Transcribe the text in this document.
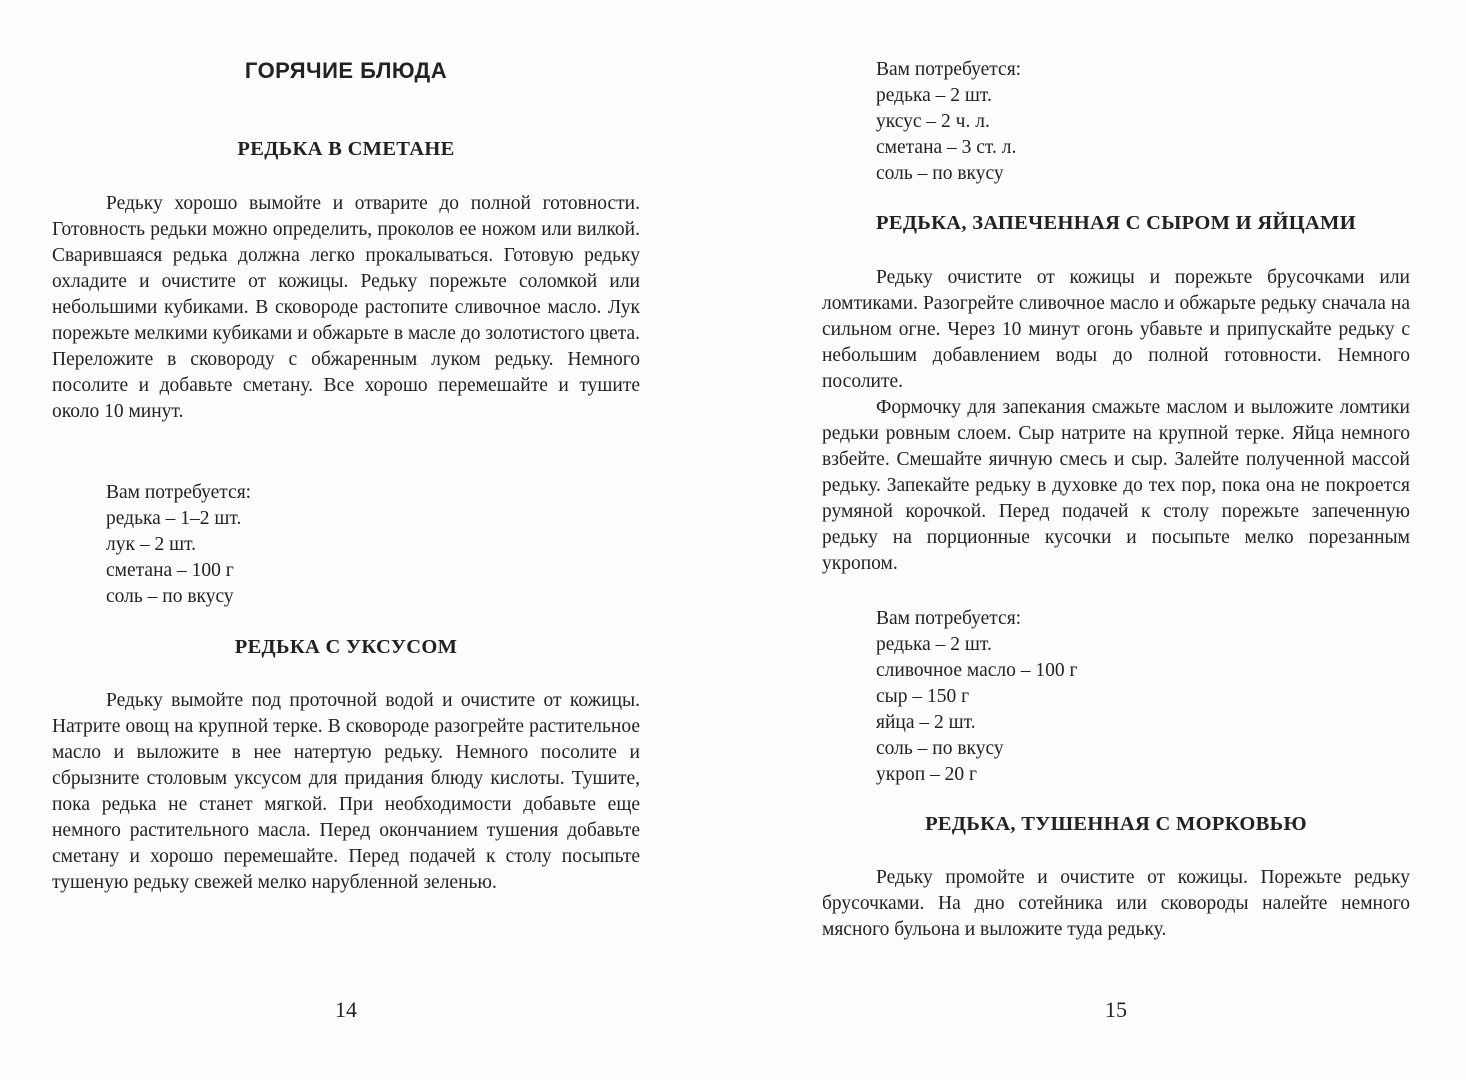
ГОРЯЧИЕ БЛЮДА
РЕДЬКА В СМЕТАНЕ

Редьку хорошо вымойте и отварите до полной готовности. Готовность редьки можно определить, проколов ее ножом или вилкой. Сварившаяся редька должна легко прокалываться. Готовую редьку охладите и очистите от кожицы. Редьку порежьте соломкой или небольшими кубиками. В сковороде растопите сливочное масло. Лук порежьте мелкими кубиками и обжарьте в масле до золотистого цвета. Переложите в сковороду с обжаренным луком редьку. Немного посолите и добавьте сметану. Все хорошо перемешайте и тушите около 10 минут.

Вам потребуется:
редька – 1–2 шт.
лук – 2 шт.
сметана – 100 г
соль – по вкусу
РЕДЬКА С УКСУСОМ

Редьку вымойте под проточной водой и очистите от кожицы. Натрите овощ на крупной терке. В сковороде разогрейте растительное масло и выложите в нее натертую редьку. Немного посолите и сбрызните столовым уксусом для придания блюду кислоты. Тушите, пока редька не станет мягкой. При необходимости добавьте еще немного растительного масла. Перед окончанием тушения добавьте сметану и хорошо перемешайте. Перед подачей к столу посыпьте тушеную редьку свежей мелко нарубленной зеленью.

14
Вам потребуется:
редька – 2 шт.
уксус – 2 ч. л.
сметана – 3 ст. л.
соль – по вкусу
РЕДЬКА, ЗАПЕЧЕННАЯ С СЫРОМ И ЯЙЦАМИ

Редьку очистите от кожицы и порежьте брусочками или ломтиками. Разогрейте сливочное масло и обжарьте редьку сначала на сильном огне. Через 10 минут огонь убавьте и припускайте редьку с небольшим добавлением воды до полной готовности. Немного посолите.

Формочку для запекания смажьте маслом и выложите ломтики редьки ровным слоем. Сыр натрите на крупной терке. Яйца немного взбейте. Смешайте яичную смесь и сыр. Залейте полученной массой редьку. Запекайте редьку в духовке до тех пор, пока она не покроется румяной корочкой. Перед подачей к столу порежьте запеченную редьку на порционные кусочки и посыпьте мелко порезанным укропом.

Вам потребуется:
редька – 2 шт.
сливочное масло – 100 г
сыр – 150 г
яйца – 2 шт.
соль – по вкусу
укроп – 20 г
РЕДЬКА, ТУШЕННАЯ С МОРКОВЬЮ

Редьку промойте и очистите от кожицы. Порежьте редьку брусочками. На дно сотейника или сковороды налейте немного мясного бульона и выложите туда редьку.

15
